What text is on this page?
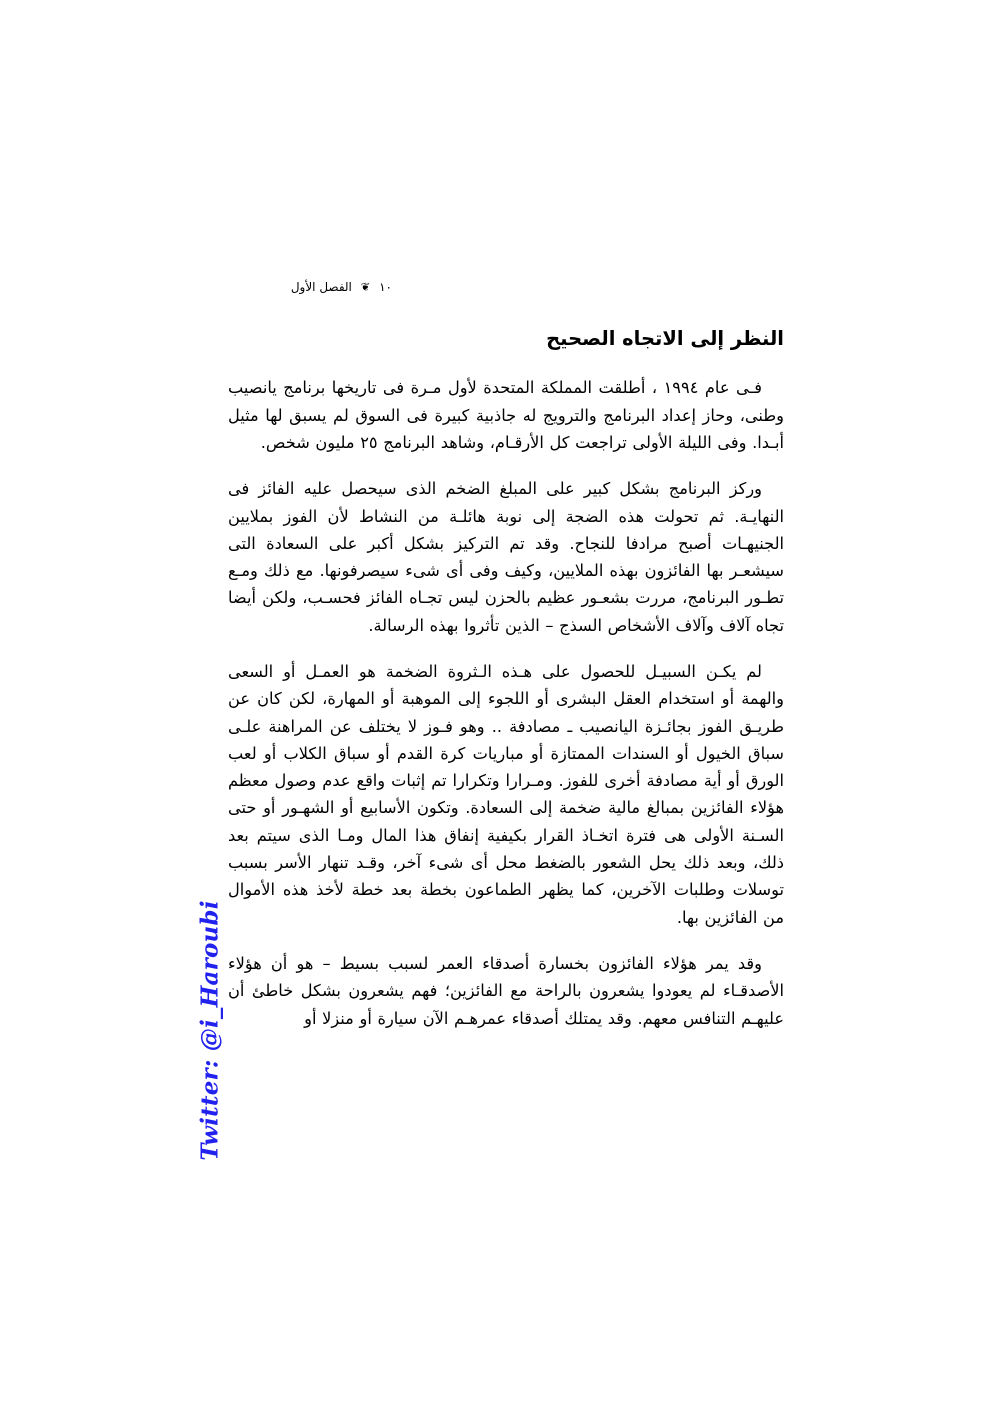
١٠
❦
الفصل الأول
النظر إلى الاتجاه الصحيح

فـى عام ١٩٩٤ ، أطلقت المملكة المتحدة لأول مـرة فى تاريخها برنامج يانصيب وطنى، وحاز إعداد البرنامج والترويج له جاذبية كبيرة فى السوق لم يسبق لها مثيل أبـدا. وفى الليلة الأولى تراجعت كل الأرقـام، وشاهد البرنامج ٢٥ مليون شخص.

وركز البرنامج بشكل كبير على المبلغ الضخم الذى سيحصل عليه الفائز فى النهايـة. ثم تحولت هذه الضجة إلى نوبة هائلـة من النشاط لأن الفوز بملايين الجنيهـات أصبح مرادفا للنجاح. وقد تم التركيز بشكل أكبر على السعادة التى سيشعـر بها الفائزون بهذه الملايين، وكيف وفى أى شىء سيصرفونها. مع ذلك ومـع تطـور البرنامج، مررت بشعـور عظيم بالحزن ليس تجـاه الفائز فحسـب، ولكن أيضا تجاه آلاف وآلاف الأشخاص السذج – الذين تأثروا بهذه الرسالة.

لم يكـن السبيـل للحصول على هـذه الـثروة الضخمة هو العمـل أو السعى والهمة أو استخدام العقل البشرى أو اللجوء إلى الموهبة أو المهارة، لكن كان عن طريـق الفوز بجائـزة اليانصيب ـ مصادفة .. وهو فـوز لا يختلف عن المراهنة علـى سباق الخيول أو السندات الممتازة أو مباريات كرة القدم أو سباق الكلاب أو لعب الورق أو أية مصادفة أخرى للفوز. ومـرارا وتكرارا تم إثبات واقع عدم وصول معظم هؤلاء الفائزين بمبالغ مالية ضخمة إلى السعادة. وتكون الأسابيع أو الشهـور أو حتى السـنة الأولى هى فترة اتخـاذ القرار بكيفية إنفاق هذا المال ومـا الذى سيتم بعد ذلك، وبعد ذلك يحل الشعور بالضغط محل أى شىء آخر، وقـد تنهار الأسر بسبب توسلات وطلبات الآخرين، كما يظهر الطماعون بخطة بعد خطة لأخذ هذه الأموال من الفائزين بها.

وقد يمر هؤلاء الفائزون بخسارة أصدقاء العمر لسبب بسيط – هو أن هؤلاء الأصدقـاء لم يعودوا يشعرون بالراحة مع الفائزين؛ فهم يشعرون بشكل خاطئ أن عليهـم التنافس معهم. وقد يمتلك أصدقاء عمرهـم الآن سيارة أو منزلا أو

Twitter: @i_Haroubi
